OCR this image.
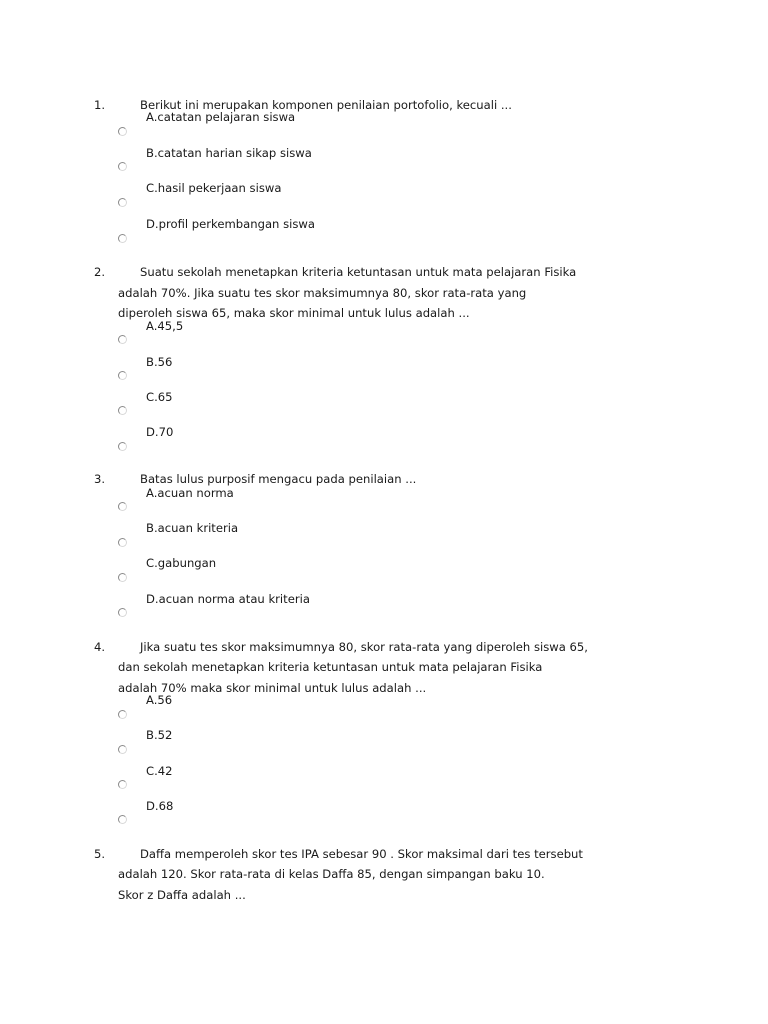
1.	Berikut ini merupakan komponen penilaian portofolio, kecuali ...
A.catatan pelajaran siswa
B.catatan harian sikap siswa
C.hasil pekerjaan siswa
D.profil perkembangan siswa
2.	Suatu sekolah menetapkan kriteria ketuntasan untuk mata pelajaran Fisika
adalah 70%. Jika suatu tes skor maksimumnya 80, skor rata-rata yang
diperoleh siswa 65, maka skor minimal untuk lulus adalah ...
A.45,5
B.56
C.65
D.70
3.	Batas lulus purposif mengacu pada penilaian ...
A.acuan norma
B.acuan kriteria
C.gabungan
D.acuan norma atau kriteria
4.	Jika suatu tes skor maksimumnya 80, skor rata-rata yang diperoleh siswa 65,
dan sekolah menetapkan kriteria ketuntasan untuk mata pelajaran Fisika
adalah 70% maka skor minimal untuk lulus adalah ...
A.56
B.52
C.42
D.68
5.	Daffa memperoleh skor tes IPA sebesar 90 . Skor maksimal dari tes tersebut
adalah 120. Skor rata-rata di kelas Daffa 85, dengan simpangan baku 10.
Skor z Daffa adalah ...
